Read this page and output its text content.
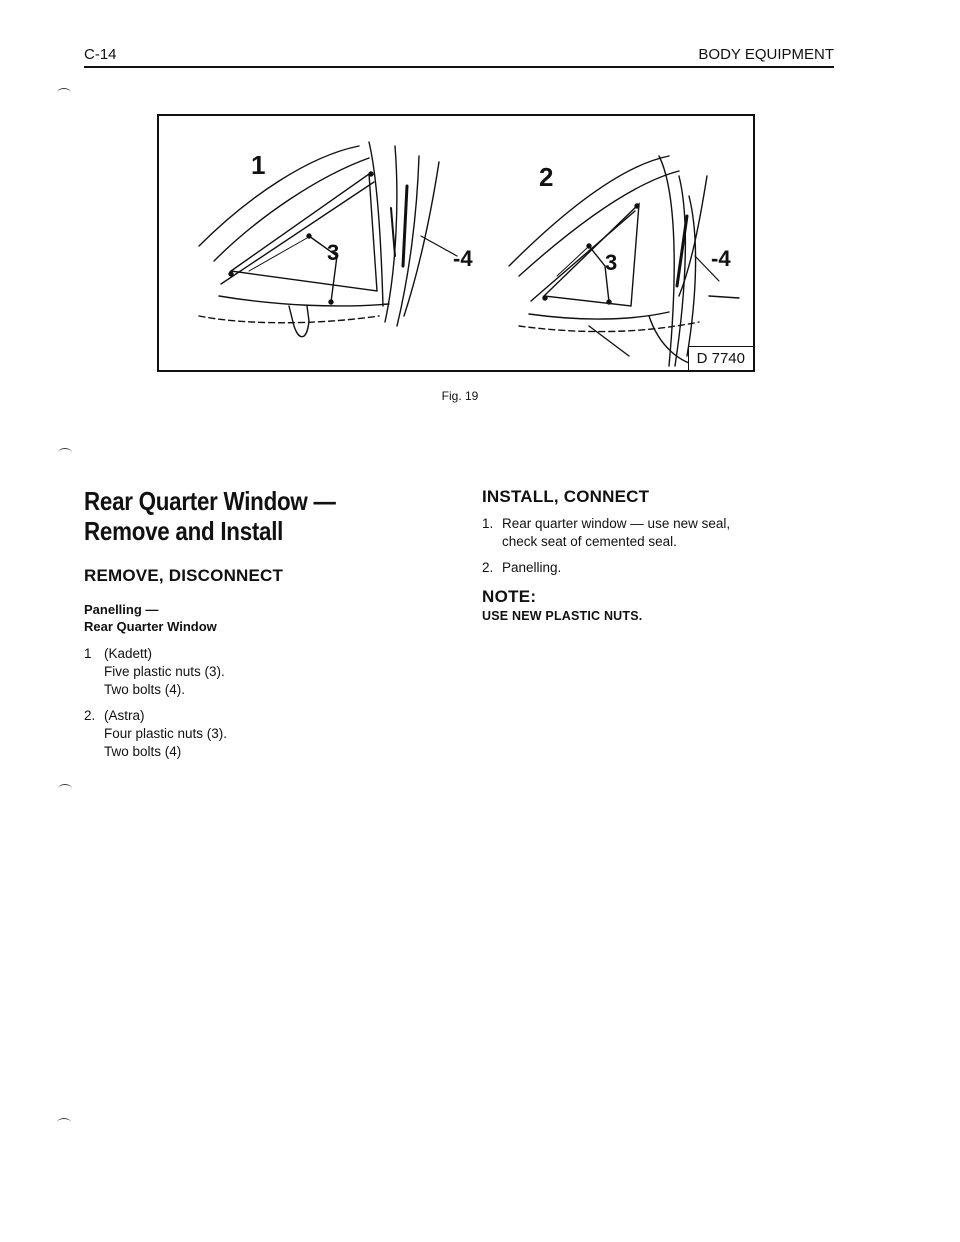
C-14	BODY EQUIPMENT
1
3	-4
2
3	-4
D 7740
Fig. 19
Rear Quarter Window —
Remove and Install
REMOVE, DISCONNECT
Panelling —
Rear Quarter Window
1 (Kadett)
Five plastic nuts (3).
Two bolts (4).
2. (Astra)
Four plastic nuts (3).
Two bolts (4)
INSTALL, CONNECT
1. Rear quarter window — use new seal,
check seat of cemented seal.
2. Panelling.
NOTE:
USE NEW PLASTIC NUTS.
